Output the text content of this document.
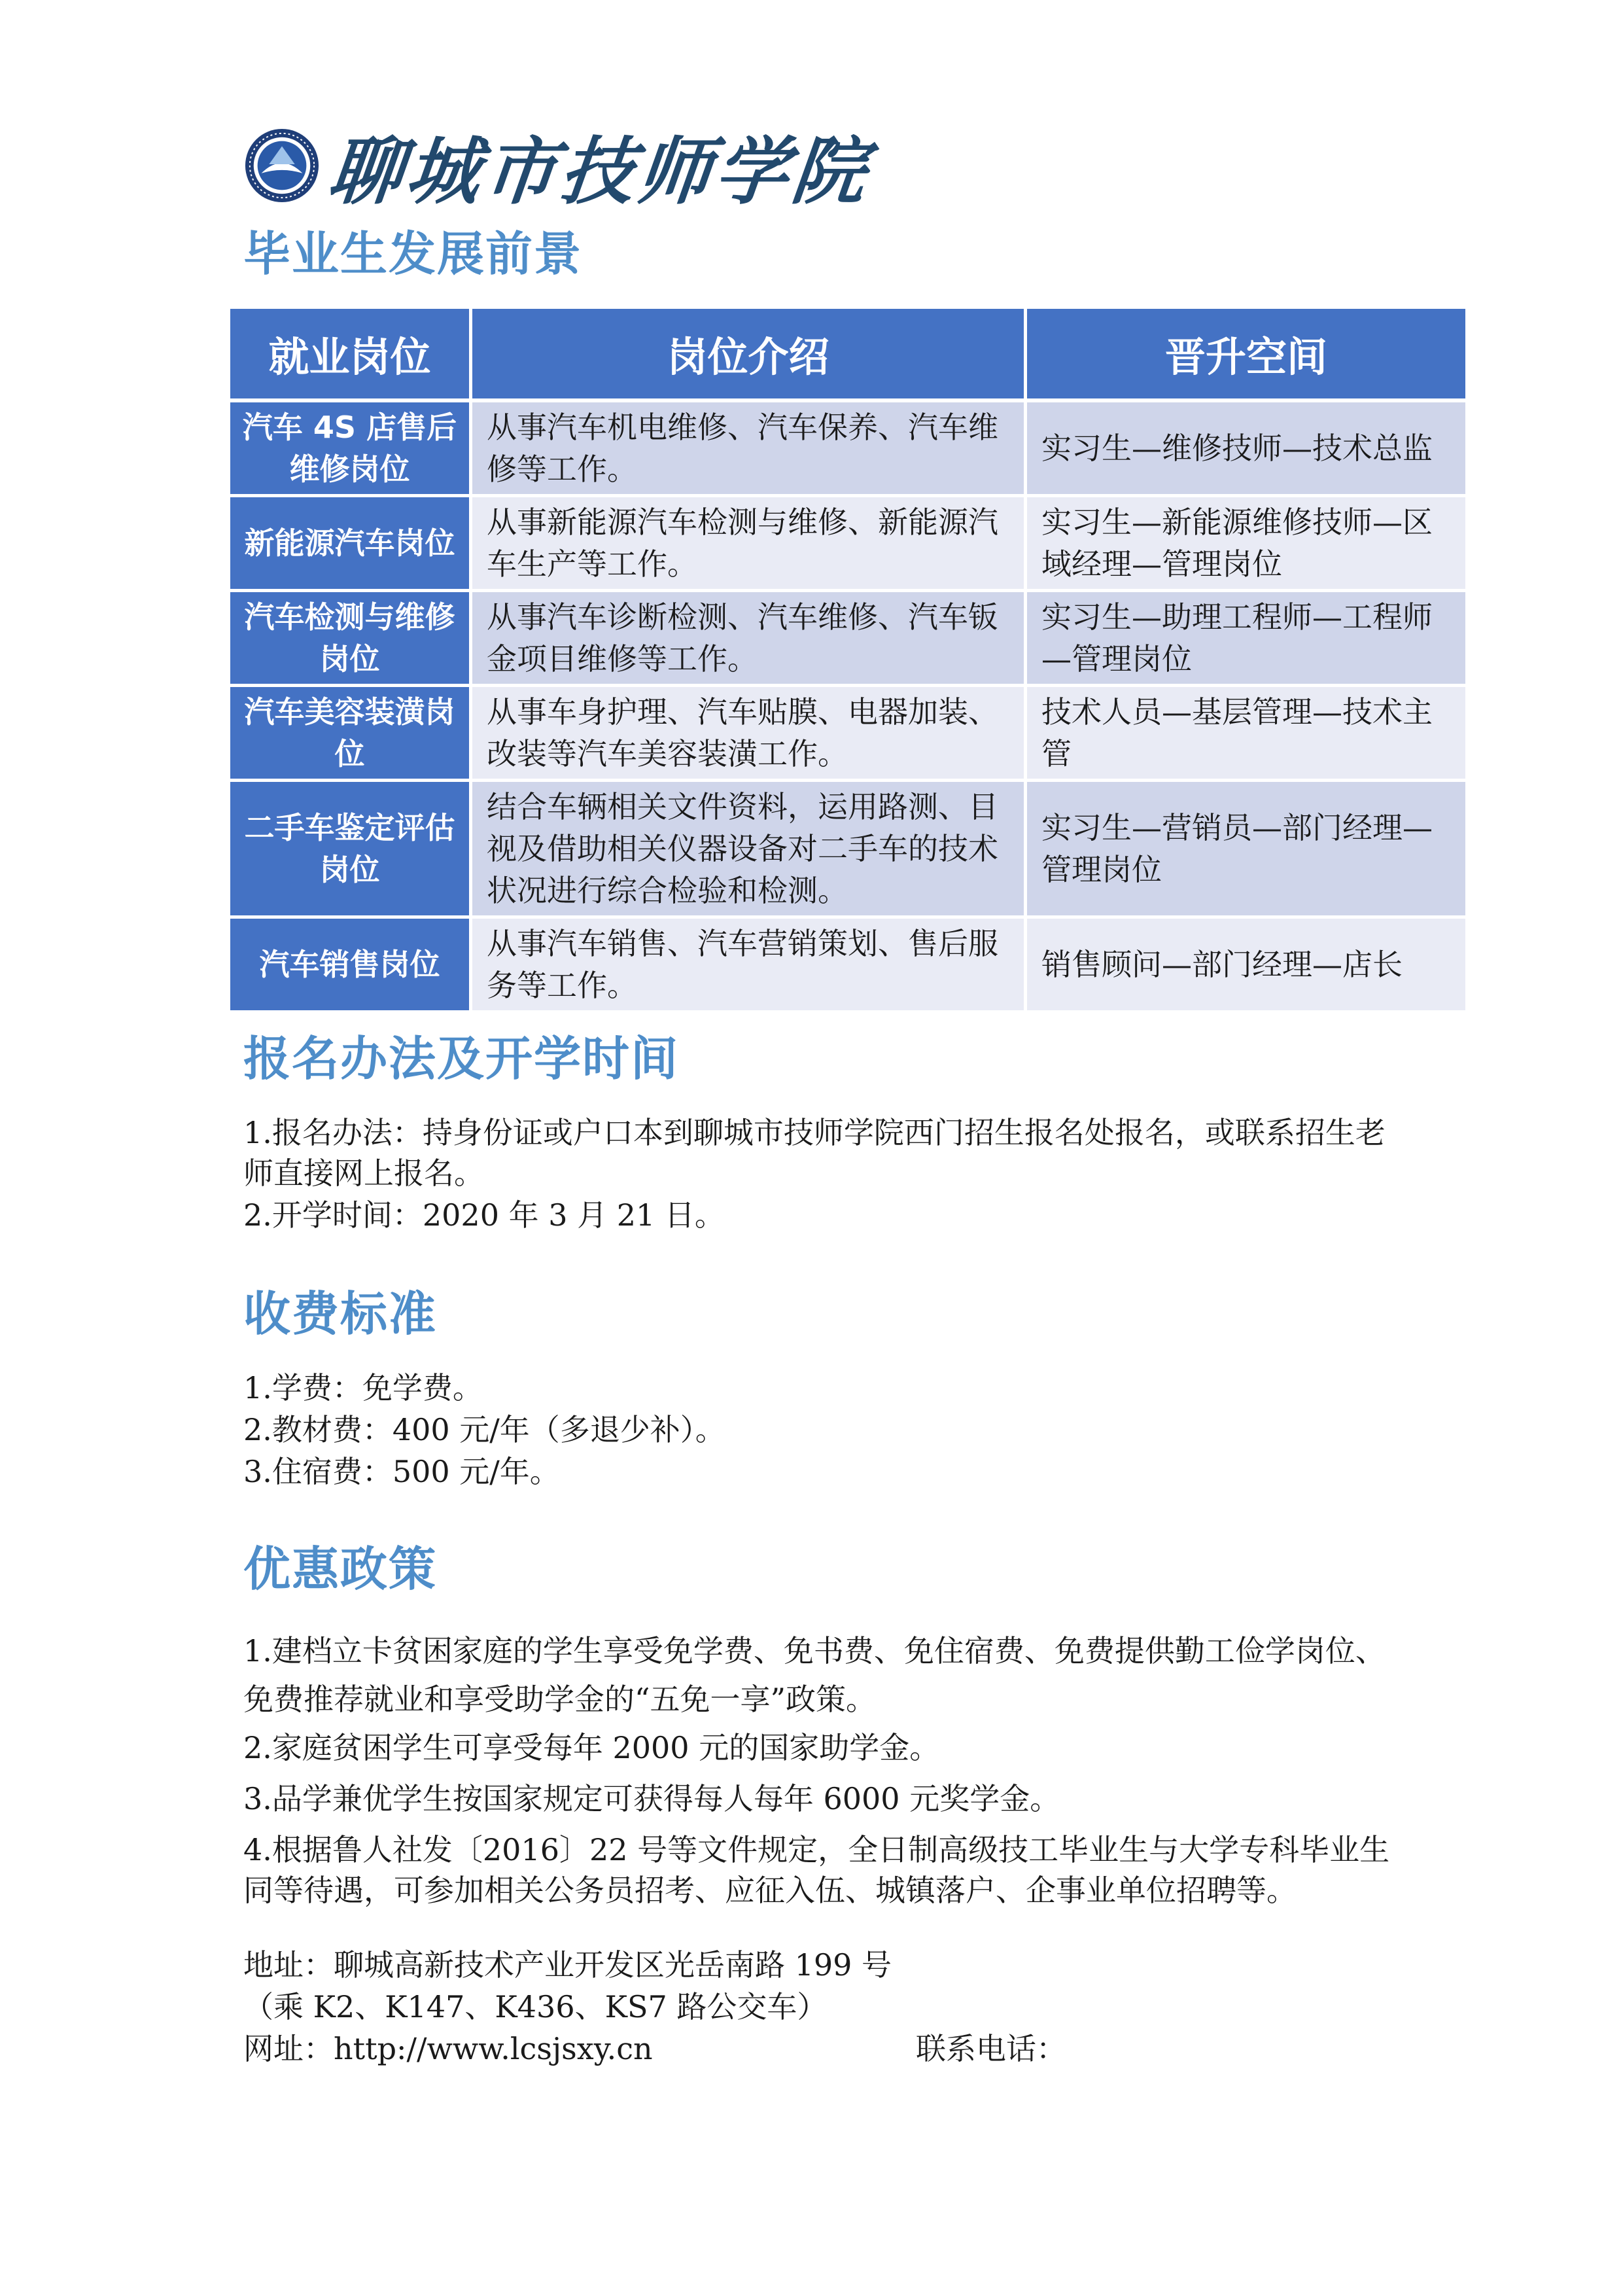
聊城市技师学院
毕业生发展前景
就业岗位	岗位介绍	晋升空间
汽车 4S 店售后维修岗位	从事汽车机电维修、汽车保养、汽车维修等工作。	实习生—维修技师—技术总监
新能源汽车岗位	从事新能源汽车检测与维修、新能源汽车生产等工作。	实习生—新能源维修技师—区域经理—管理岗位
汽车检测与维修岗位	从事汽车诊断检测、汽车维修、汽车钣金项目维修等工作。	实习生—助理工程师—工程师—管理岗位
汽车美容装潢岗位	从事车身护理、汽车贴膜、电器加装、改装等汽车美容装潢工作。	技术人员—基层管理—技术主管
二手车鉴定评估岗位	结合车辆相关文件资料，运用路测、目视及借助相关仪器设备对二手车的技术状况进行综合检验和检测。	实习生—营销员—部门经理—管理岗位
汽车销售岗位	从事汽车销售、汽车营销策划、售后服务等工作。	销售顾问—部门经理—店长
报名办法及开学时间

1.报名办法：持身份证或户口本到聊城市技师学院西门招生报名处报名，或联系招生老师直接网上报名。

2.开学时间：2020 年 3 月 21 日。

收费标准

1.学费：免学费。

2.教材费：400 元/年（多退少补）。

3.住宿费：500 元/年。

优惠政策

1.建档立卡贫困家庭的学生享受免学费、免书费、免住宿费、免费提供勤工俭学岗位、免费推荐就业和享受助学金的“五免一享”政策。

2.家庭贫困学生可享受每年 2000 元的国家助学金。

3.品学兼优学生按国家规定可获得每人每年 6000 元奖学金。

4.根据鲁人社发〔2016〕22 号等文件规定，全日制高级技工毕业生与大学专科毕业生同等待遇，可参加相关公务员招考、应征入伍、城镇落户、企事业单位招聘等。

地址：聊城高新技术产业开发区光岳南路 199 号

（乘 K2、K147、K436、KS7 路公交车）

网址：http://www.lcsjsxy.cn	联系电话：
